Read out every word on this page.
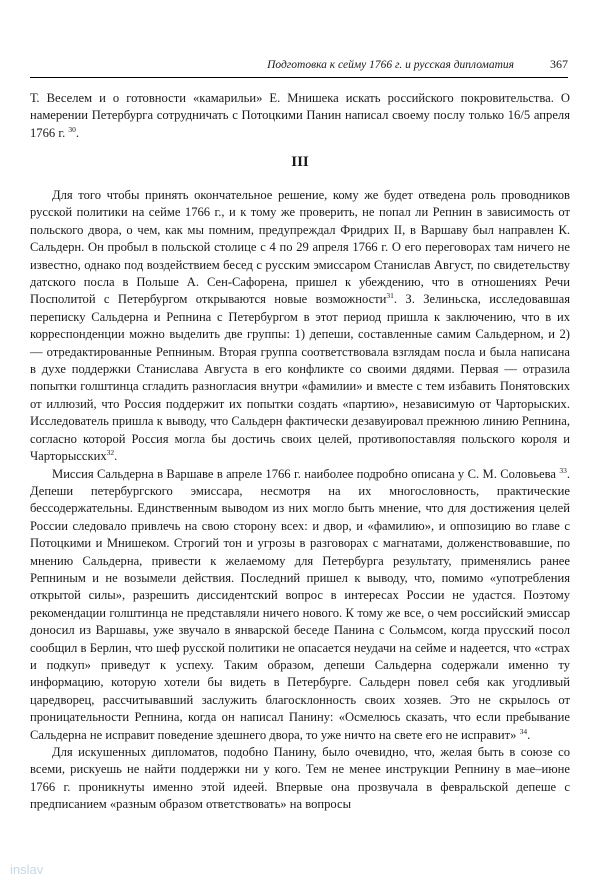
Подготовка к сейму 1766 г. и русская дипломатия	367

Т. Веселем и о готовности «камарильи» Е. Мнишека искать российского покровительства. О намерении Петербурга сотрудничать с Потоцкими Панин написал своему послу только 16/5 апреля 1766 г. $^{30}$.

III

Для того чтобы принять окончательное решение, кому же будет отведена роль проводников русской политики на сейме 1766 г., и к тому же проверить, не попал ли Репнин в зависимость от польского двора, о чем, как мы помним, предупреждал Фридрих II, в Варшаву был направлен К. Сальдерн. Он пробыл в польской столице с 4 по 29 апреля 1766 г. О его переговорах там ничего не известно, однако под воздействием бесед с русским эмиссаром Станислав Август, по свидетельству датского посла в Польше А. Сен-Сафорена, пришел к убеждению, что в отношениях Речи Посполитой с Петербургом открываются новые возможности$^{31}$. З. Зелиньска, исследовавшая переписку Сальдерна и Репнина с Петербургом в этот период пришла к заключению, что в их корреспонденции можно выделить две группы: 1) депеши, составленные самим Сальдерном, и 2) — отредактированные Репниным. Вторая группа соответствовала взглядам посла и была написана в духе поддержки Станислава Августа в его конфликте со своими дядями. Первая — отразила попытки голштинца сгладить разногласия внутри «фамилии» и вместе с тем избавить Понятовских от иллюзий, что Россия поддержит их попытки создать «партию», независимую от Чарторыских. Исследователь пришла к выводу, что Сальдерн фактически дезавуировал прежнюю линию Репнина, согласно которой Россия могла бы достичь своих целей, противопоставляя польского короля и Чарторысских$^{32}$.

Миссия Сальдерна в Варшаве в апреле 1766 г. наиболее подробно описана у С. М. Соловьева $^{33}$. Депеши петербургского эмиссара, несмотря на их многословность, практические бессодержательны. Единственным выводом из них могло быть мнение, что для достижения целей России следовало привлечь на свою сторону всех: и двор, и «фамилию», и оппозицию во главе с Потоцкими и Мнишеком. Строгий тон и угрозы в разговорах с магнатами, долженствовавшие, по мнению Сальдерна, привести к желаемому для Петербурга результату, применялись ранее Репниным и не возымели действия. Последний пришел к выводу, что, помимо «употребления открытой силы», разрешить диссидентский вопрос в интересах России не удастся. Поэтому рекомендации голштинца не представляли ничего нового. К тому же все, о чем российский эмиссар доносил из Варшавы, уже звучало в январской беседе Панина с Сольмсом, когда прусский посол сообщил в Берлин, что шеф русской политики не опасается неудачи на сейме и надеется, что «страх и подкуп» приведут к успеху. Таким образом, депеши Сальдерна содержали именно ту информацию, которую хотели бы видеть в Петербурге. Сальдерн повел себя как угодливый царедворец, рассчитывавший заслужить благосклонность своих хозяев. Это не скрылось от проницательности Репнина, когда он написал Панину: «Осмелюсь сказать, что если пребывание Сальдерна не исправит поведение здешнего двора, то уже ничто на свете его не исправит» $^{34}$.

Для искушенных дипломатов, подобно Панину, было очевидно, что, желая быть в союзе со всеми, рискуешь не найти поддержки ни у кого. Тем не менее инструкции Репнину в мае–июне 1766 г. проникнуты именно этой идеей. Впервые она прозвучала в февральской депеше с предписанием «разным образом ответствовать» на вопросы

inslav
